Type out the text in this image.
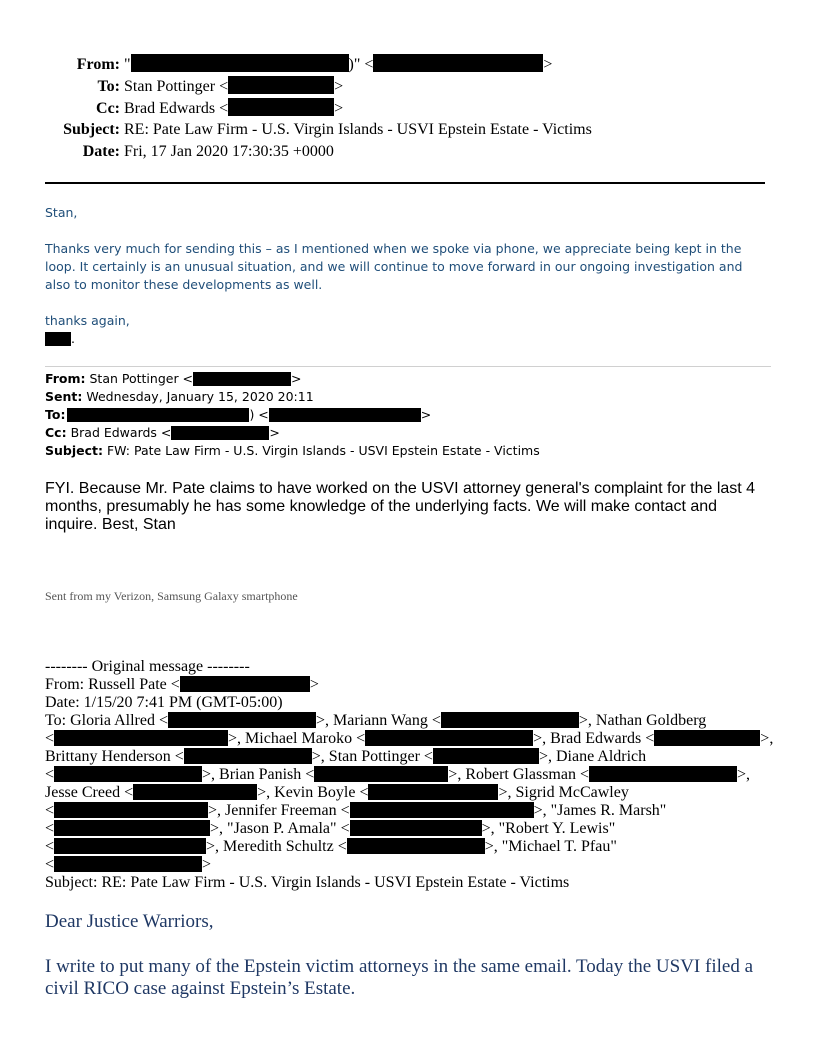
From: "	)" <	>
To: Stan Pottinger <	>
Cc: Brad Edwards <	>
Subject: RE: Pate Law Firm - U.S. Virgin Islands - USVI Epstein Estate - Victims
Date: Fri, 17 Jan 2020 17:30:35 +0000
Stan,
Thanks very much for sending this – as I mentioned when we spoke via phone, we appreciate being kept in the loop. It certainly is an unusual situation, and we will continue to move forward in our ongoing investigation and also to monitor these developments as well.
thanks again,
.
From: Stan Pottinger <	>
Sent: Wednesday, January 15, 2020 20:11
To:	) <	>
Cc: Brad Edwards <	>
Subject: FW: Pate Law Firm - U.S. Virgin Islands - USVI Epstein Estate - Victims
FYI. Because Mr. Pate claims to have worked on the USVI attorney general's complaint for the last 4 months, presumably he has some knowledge of the underlying facts. We will make contact and inquire. Best, Stan
Sent from my Verizon, Samsung Galaxy smartphone
-------- Original message --------
From: Russell Pate <	>
Date: 1/15/20 7:41 PM (GMT-05:00)
To: Gloria Allred <	>, Mariann Wang <	>, Nathan Goldberg
<	>, Michael Maroko <	>, Brad Edwards <	>,
Brittany Henderson <	>, Stan Pottinger <	>, Diane Aldrich
<	>, Brian Panish <	>, Robert Glassman <	>,
Jesse Creed <	>, Kevin Boyle <	>, Sigrid McCawley
<	>, Jennifer Freeman <	>, "James R. Marsh"
<	>, "Jason P. Amala" <	>, "Robert Y. Lewis"
<	>, Meredith Schultz <	>, "Michael T. Pfau"
<	>
Subject: RE: Pate Law Firm - U.S. Virgin Islands - USVI Epstein Estate - Victims
Dear Justice Warriors,
I write to put many of the Epstein victim attorneys in the same email. Today the USVI filed a civil RICO case against Epstein’s Estate.
